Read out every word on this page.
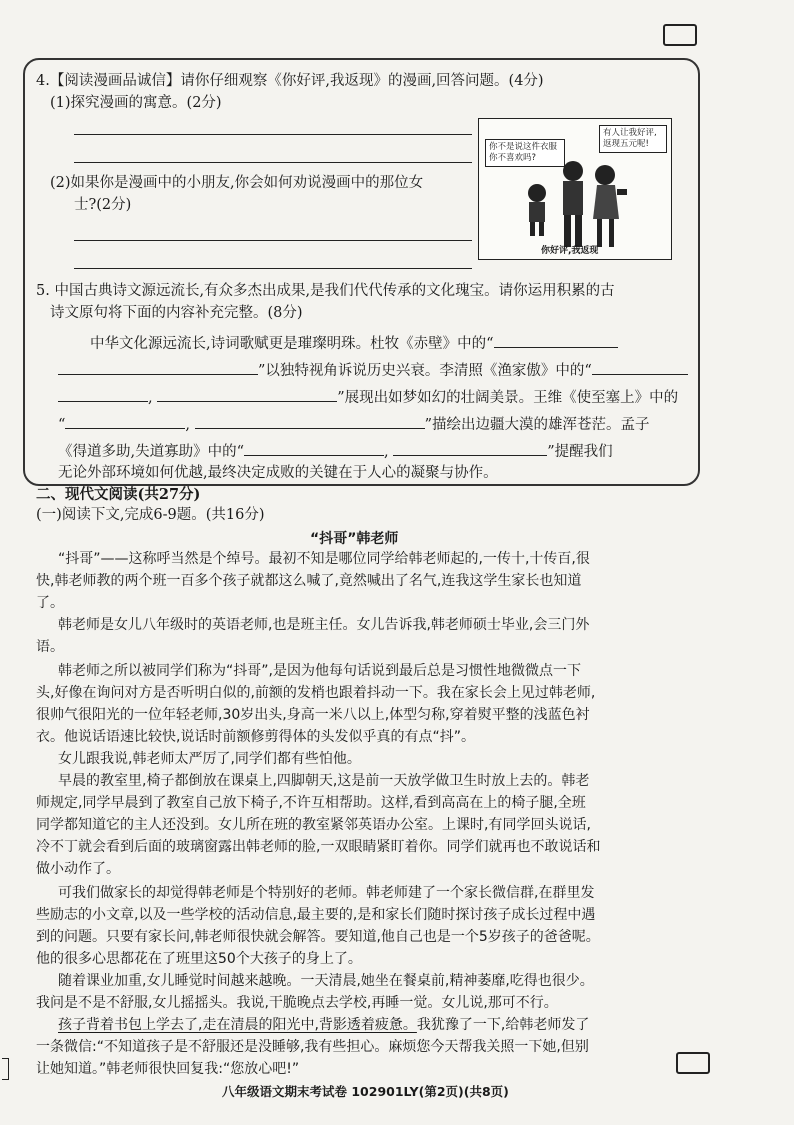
4.【阅读漫画品诚信】请你仔细观察《你好评,我返现》的漫画,回答问题。(4分)
(1)探究漫画的寓意。(2分)
(2)如果你是漫画中的小朋友,你会如何劝说漫画中的那位女
士?(2分)
你不是说这件衣服你不喜欢吗?
有人让我好评,返现五元呢!
你好评,我返现
5. 中国古典诗文源远流长,有众多杰出成果,是我们代代传承的文化瑰宝。请你运用积累的古
诗文原句将下面的内容补充完整。(8分)
中华文化源远流长,诗词歌赋更是璀璨明珠。杜牧《赤壁》中的“
”以独特视角诉说历史兴衰。李清照《渔家傲》中的“
,	”展现出如梦如幻的壮阔美景。王维《使至塞上》中的
“	,	”描绘出边疆大漠的雄浑苍茫。孟子
《得道多助,失道寡助》中的“	,	”提醒我们
无论外部环境如何优越,最终决定成败的关键在于人心的凝聚与协作。
二、现代文阅读(共27分)
(一)阅读下文,完成6-9题。(共16分)
“抖哥”韩老师
“抖哥”——这称呼当然是个绰号。最初不知是哪位同学给韩老师起的,一传十,十传百,很
快,韩老师教的两个班一百多个孩子就都这么喊了,竟然喊出了名气,连我这学生家长也知道
了。
韩老师是女儿八年级时的英语老师,也是班主任。女儿告诉我,韩老师硕士毕业,会三门外
语。
韩老师之所以被同学们称为“抖哥”,是因为他每句话说到最后总是习惯性地微微点一下
头,好像在询问对方是否听明白似的,前额的发梢也跟着抖动一下。我在家长会上见过韩老师,
很帅气很阳光的一位年轻老师,30岁出头,身高一米八以上,体型匀称,穿着熨平整的浅蓝色衬
衣。他说话语速比较快,说话时前额修剪得体的头发似乎真的有点“抖”。
女儿跟我说,韩老师太严厉了,同学们都有些怕他。
早晨的教室里,椅子都倒放在课桌上,四脚朝天,这是前一天放学做卫生时放上去的。韩老
师规定,同学早晨到了教室自己放下椅子,不许互相帮助。这样,看到高高在上的椅子腿,全班
同学都知道它的主人还没到。女儿所在班的教室紧邻英语办公室。上课时,有同学回头说话,
冷不丁就会看到后面的玻璃窗露出韩老师的脸,一双眼睛紧盯着你。同学们就再也不敢说话和
做小动作了。
可我们做家长的却觉得韩老师是个特别好的老师。韩老师建了一个家长微信群,在群里发
些励志的小文章,以及一些学校的活动信息,最主要的,是和家长们随时探讨孩子成长过程中遇
到的问题。只要有家长问,韩老师很快就会解答。要知道,他自己也是一个5岁孩子的爸爸呢。
他的很多心思都花在了班里这50个大孩子的身上了。
随着课业加重,女儿睡觉时间越来越晚。一天清晨,她坐在餐桌前,精神萎靡,吃得也很少。
我问是不是不舒服,女儿摇摇头。我说,干脆晚点去学校,再睡一觉。女儿说,那可不行。
孩子背着书包上学去了,走在清晨的阳光中,背影透着疲惫。我犹豫了一下,给韩老师发了
一条微信:“不知道孩子是不舒服还是没睡够,我有些担心。麻烦您今天帮我关照一下她,但别
让她知道。”韩老师很快回复我:“您放心吧!”
八年级语文期末考试卷 102901LY(第2页)(共8页)
